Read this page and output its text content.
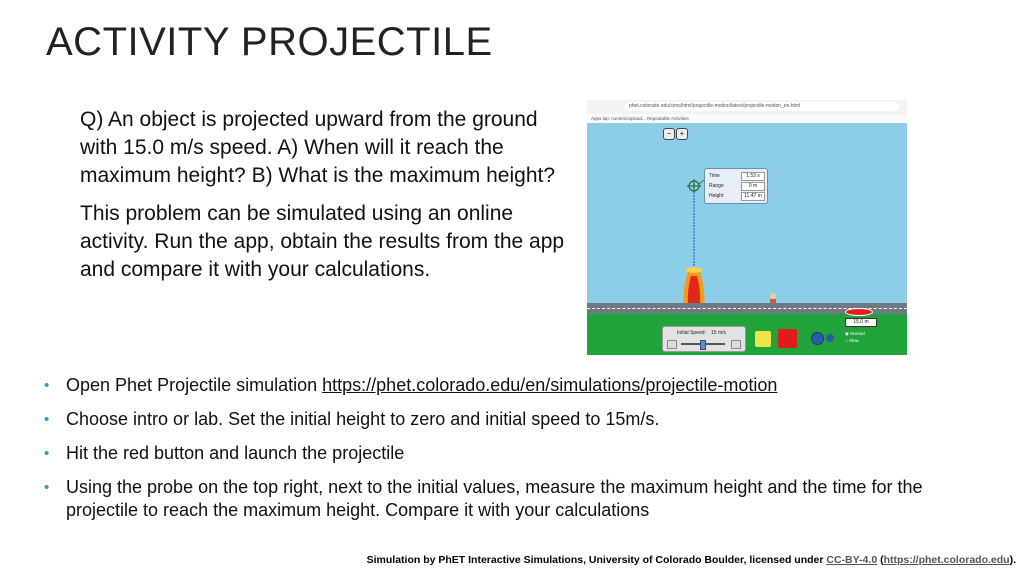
ACTIVITY PROJECTILE

Q) An object is projected upward from the ground with 15.0 m/s speed. A) When will it reach the maximum height? B) What is the maximum height?

This problem can be simulated using an online activity. Run the app, obtain the results from the app and compare it with your calculations.

phet.colorado.edu/sims/html/projectile-motion/latest/projectile-motion_en.html
Apps tap: numeric/upload... Repeatable Activities
−	+
Time	1.53 s
Range	0 m
Height	11.47 m
15.0 m
Initial Speed: 15 m/s	◉ Normal
○ Slow
• Open Phet Projectile simulation https://phet.colorado.edu/en/simulations/projectile-motion
• Choose intro or lab. Set the initial height to zero and initial speed to 15m/s.
• Hit the red button and launch the projectile
• Using the probe on the top right, next to the initial values, measure the maximum height and the time for the projectile to reach the maximum height. Compare it with your calculations
Simulation by PhET Interactive Simulations, University of Colorado Boulder, licensed under CC-BY-4.0 (https://phet.colorado.edu).
